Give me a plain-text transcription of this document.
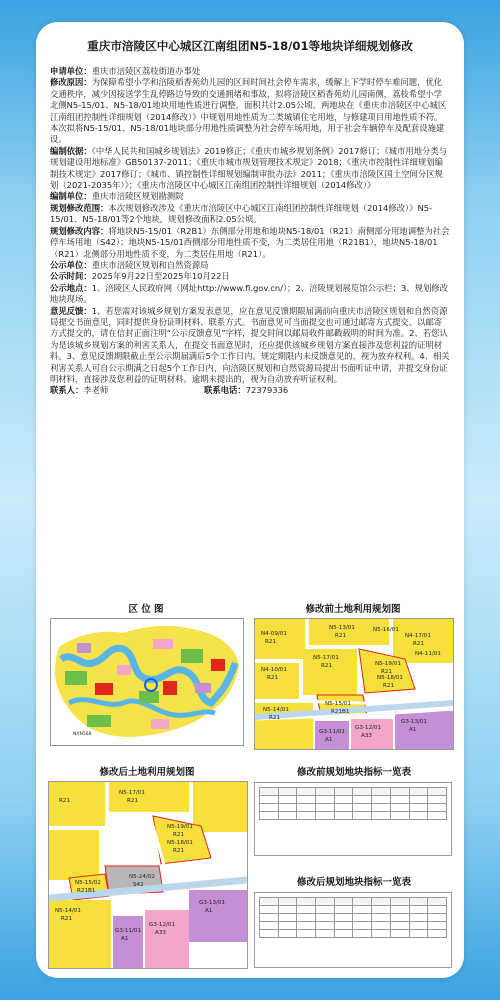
重庆市涪陵区中心城区江南组团N5-18/01等地块详细规划修改

申请单位：重庆市涪陵区荔枝街道办事处

修改原因：为保障希望小学和涪陵稻香苑幼儿园的区间时间社会停车需求，缓解上下学时停车难问题，优化交通秩序，减少因接送学生乱停路边导致的交通拥堵和事故，拟将涪陵区稻香苑幼儿园南侧，荔枝希望小学北侧N5-15/01、N5-18/01地块用地性质进行调整，面积共计2.05公顷。两地块在《重庆市涪陵区中心城区江南组团控制性详细规划（2014修改）》中规划用地性质为二类城镇住宅用地，与修建项目用地性质不符。本次拟将N5-15/01、N5-18/01地块部分用地性质调整为社会停车场用地，用于社会车辆停车及配套设施建设。

编制依据：《中华人民共和国城乡规划法》2019修正；《重庆市城乡规划条例》2017修订；《城市用地分类与规划建设用地标准》GB50137-2011；《重庆市城市规划管理技术规定》2018；《重庆市控制性详细规划编制技术规定》2017修订；《城市、镇控制性详细规划编制审批办法》2011；《重庆市涪陵区国土空间分区规划（2021-2035年）》；《重庆市涪陵区中心城区江南组团控制性详细规划（2014修改）》

编制单位：重庆市涪陵区规划勘测院

规划修改范围：本次规划修改涉及《重庆市涪陵区中心城区江南组团控制性详细规划（2014修改）》N5-15/01、N5-18/01等2个地块，规划修改面积2.05公顷。

规划修改内容：将地块N5-15/01（R2B1）东侧部分用地和地块N5-18/01（R21）南侧部分用地调整为社会停车场用地（S42）；地块N5-15/01西侧部分用地性质不变，为二类居住用地（R21B1），地块N5-18/01（R21）北侧部分用地性质不变，为二类居住用地（R21）。

公示单位：重庆市涪陵区规划和自然资源局

公示时间：2025年9月22日至2025年10月22日

公示地点：1、涪陵区人民政府网（网址http://www.fl.gov.cn/）；2、涪陵规划展览馆公示栏；3、规划修改地块现场。

意见反馈：1、若您需对该城乡规划方案发表意见，应在意见反馈期限届满前向重庆市涪陵区规划和自然资源局提交书面意见，同时提供身份证明材料、联系方式。书面意见可当面提交也可通过邮寄方式提交。以邮寄方式提交的，请在信封正面注明“公示反馈意见”字样，提交时间以邮局收件邮戳载明的时间为准。2、若您认为是该城乡规划方案的利害关系人，在提交书面意见时，还应提供该城乡规划方案直接涉及您利益的证明材料。3、意见反馈期限截止至公示期届满后5个工作日内。规定期限内未反馈意见的，视为放弃权利。4、相关利害关系人可自公示期满之日起5个工作日内，向涪陵区规划和自然资源局提出书面听证申请，并提交身份证明材料，直接涉及您利益的证明材料。逾期未提出的，视为自动放弃听证权利。

联系人：李老师	联系电话：72379336

区 位 图
NXN508
修改前土地利用规划图
N4-09/01
R21
N5-13/01
R21	N4-17/01
R21
N4-10/01
R21
N5-17/01
R21	N5-19/01
R21
N5-18/01
R21
N5-15/01
R21B1
N5-14/01
R21
G3-13/01
A1
G3-12/01
A33
G3-11/01
A1
N4-11/01
N5-16/01
修改后土地利用规划图
R21
N5-17/01
R21
N5-19/01
R21
N5-18/01
R21
N5-15/02
N5-24/02
R21B1
S42
N5-14/01
R21
G3-13/01
A1
G3-12/01
A33
G3-11/01
A1
修改前规划地块指标一览表

修改后规划地块指标一览表
